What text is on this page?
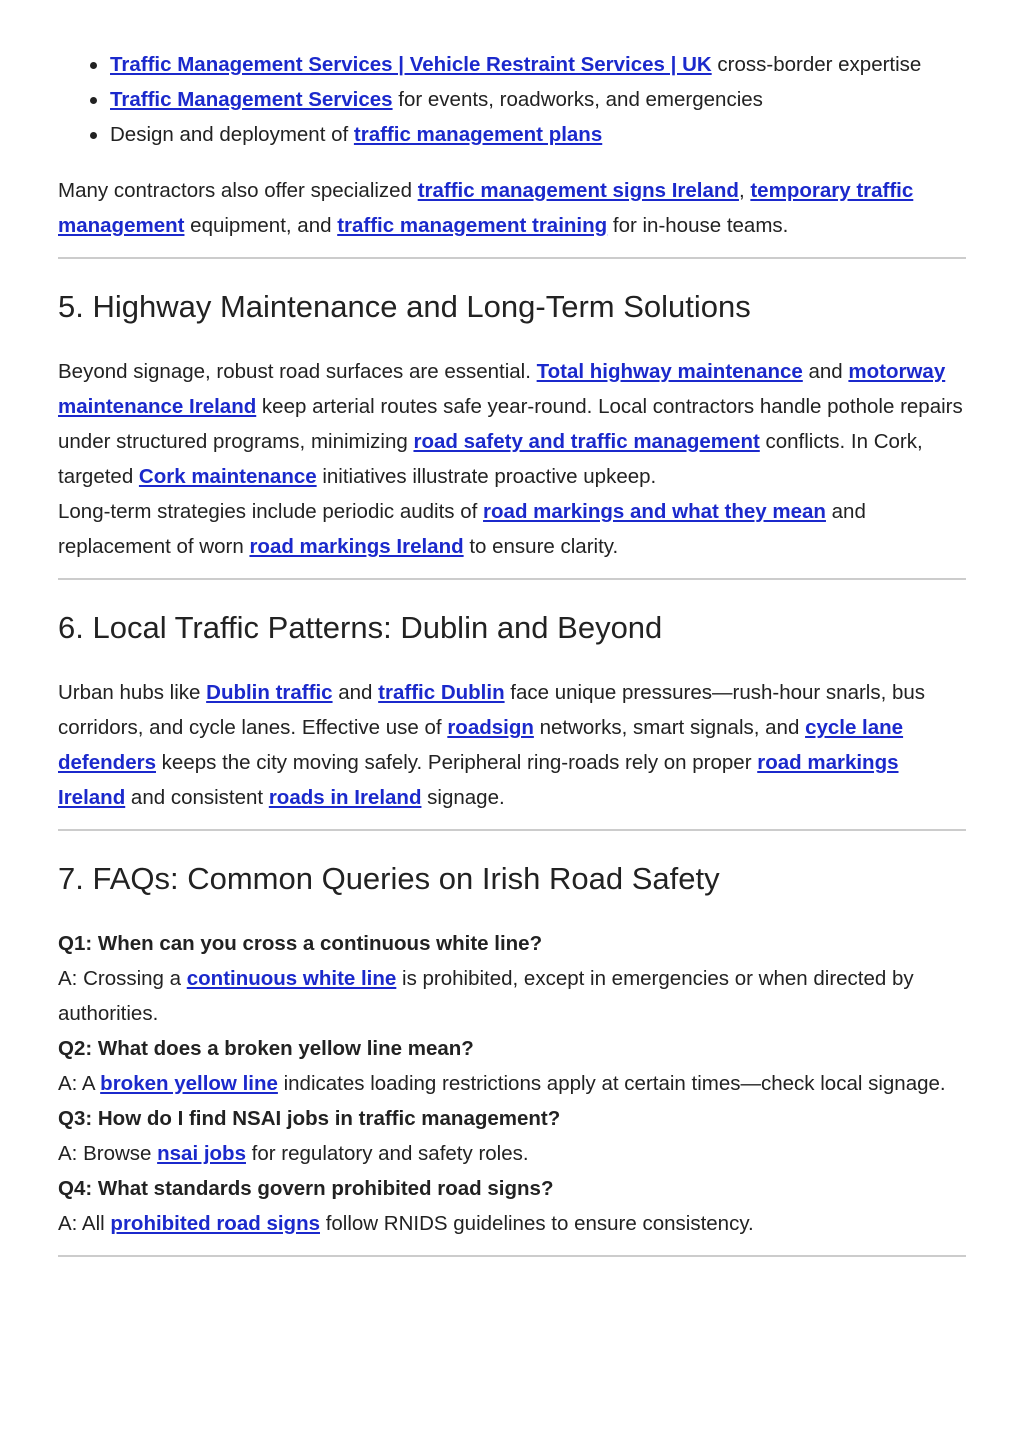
Traffic Management Services | Vehicle Restraint Services | UK cross-border expertise
Traffic Management Services for events, roadworks, and emergencies
Design and deployment of traffic management plans

Many contractors also offer specialized traffic management signs Ireland, temporary traffic management equipment, and traffic management training for in-house teams.

5. Highway Maintenance and Long-Term Solutions

Beyond signage, robust road surfaces are essential. Total highway maintenance and motorway maintenance Ireland keep arterial routes safe year-round. Local contractors handle pothole repairs under structured programs, minimizing road safety and traffic management conflicts. In Cork, targeted Cork maintenance initiatives illustrate proactive upkeep.

Long-term strategies include periodic audits of road markings and what they mean and replacement of worn road markings Ireland to ensure clarity.

6. Local Traffic Patterns: Dublin and Beyond

Urban hubs like Dublin traffic and traffic Dublin face unique pressures—rush-hour snarls, bus corridors, and cycle lanes. Effective use of roadsign networks, smart signals, and cycle lane defenders keeps the city moving safely. Peripheral ring-roads rely on proper road markings Ireland and consistent roads in Ireland signage.

7. FAQs: Common Queries on Irish Road Safety

Q1: When can you cross a continuous white line?

A: Crossing a continuous white line is prohibited, except in emergencies or when directed by authorities.

Q2: What does a broken yellow line mean?

A: A broken yellow line indicates loading restrictions apply at certain times—check local signage.

Q3: How do I find NSAI jobs in traffic management?

A: Browse nsai jobs for regulatory and safety roles.

Q4: What standards govern prohibited road signs?

A: All prohibited road signs follow RNIDS guidelines to ensure consistency.
